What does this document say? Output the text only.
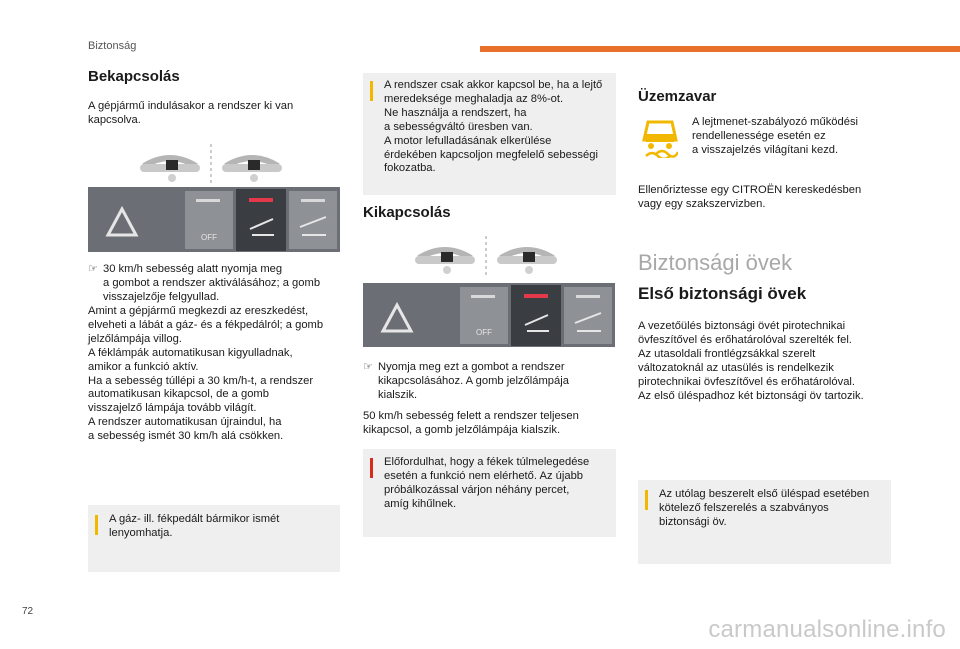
Biztonság
Bekapcsolás
A gépjármű indulásakor a rendszer ki van
kapcsolva.
OFF
☞ 30 km/h sebesség alatt nyomja meg
a gombot a rendszer aktiválásához; a gomb
visszajelzője felgyullad.
Amint a gépjármű megkezdi az ereszkedést,
elveheti a lábát a gáz- és a fékpedálról; a gomb
jelzőlámpája villog.
A féklámpák automatikusan kigyulladnak,
amikor a funkció aktív.
Ha a sebesség túllépi a 30 km/h-t, a rendszer
automatikusan kikapcsol, de a gomb
visszajelző lámpája tovább világít.
A rendszer automatikusan újraindul, ha
a sebesség ismét 30 km/h alá csökken.
A gáz- ill. fékpedált bármikor ismét
lenyomhatja.
A rendszer csak akkor kapcsol be, ha a lejtő
meredeksége meghaladja az 8%-ot.
Ne használja a rendszert, ha
a sebességváltó üresben van.
A motor lefulladásának elkerülése
érdekében kapcsoljon megfelelő sebességi
fokozatba.
Kikapcsolás
OFF
☞ Nyomja meg ezt a gombot a rendszer
kikapcsolásához. A gomb jelzőlámpája
kialszik.
50 km/h sebesség felett a rendszer teljesen
kikapcsol, a gomb jelzőlámpája kialszik.
Előfordulhat, hogy a fékek túlmelegedése
esetén a funkció nem elérhető. Az újabb
próbálkozással várjon néhány percet,
amíg kihűlnek.
Üzemzavar
A lejtmenet-szabályozó működési
rendellenessége esetén ez
a visszajelzés világítani kezd.
Ellenőriztesse egy CITROËN kereskedésben
vagy egy szakszervizben.
Biztonsági övek
Első biztonsági övek
A vezetőülés biztonsági övét pirotechnikai
övfeszítővel és erőhatárolóval szerelték fel.
Az utasoldali frontlégzsákkal szerelt
változatoknál az utasülés is rendelkezik
pirotechnikai övfeszítővel és erőhatárolóval.
Az első üléspadhoz két biztonsági öv tartozik.
Az utólag beszerelt első üléspad esetében
kötelező felszerelés a szabványos
biztonsági öv.
72
carmanualsonline.info
